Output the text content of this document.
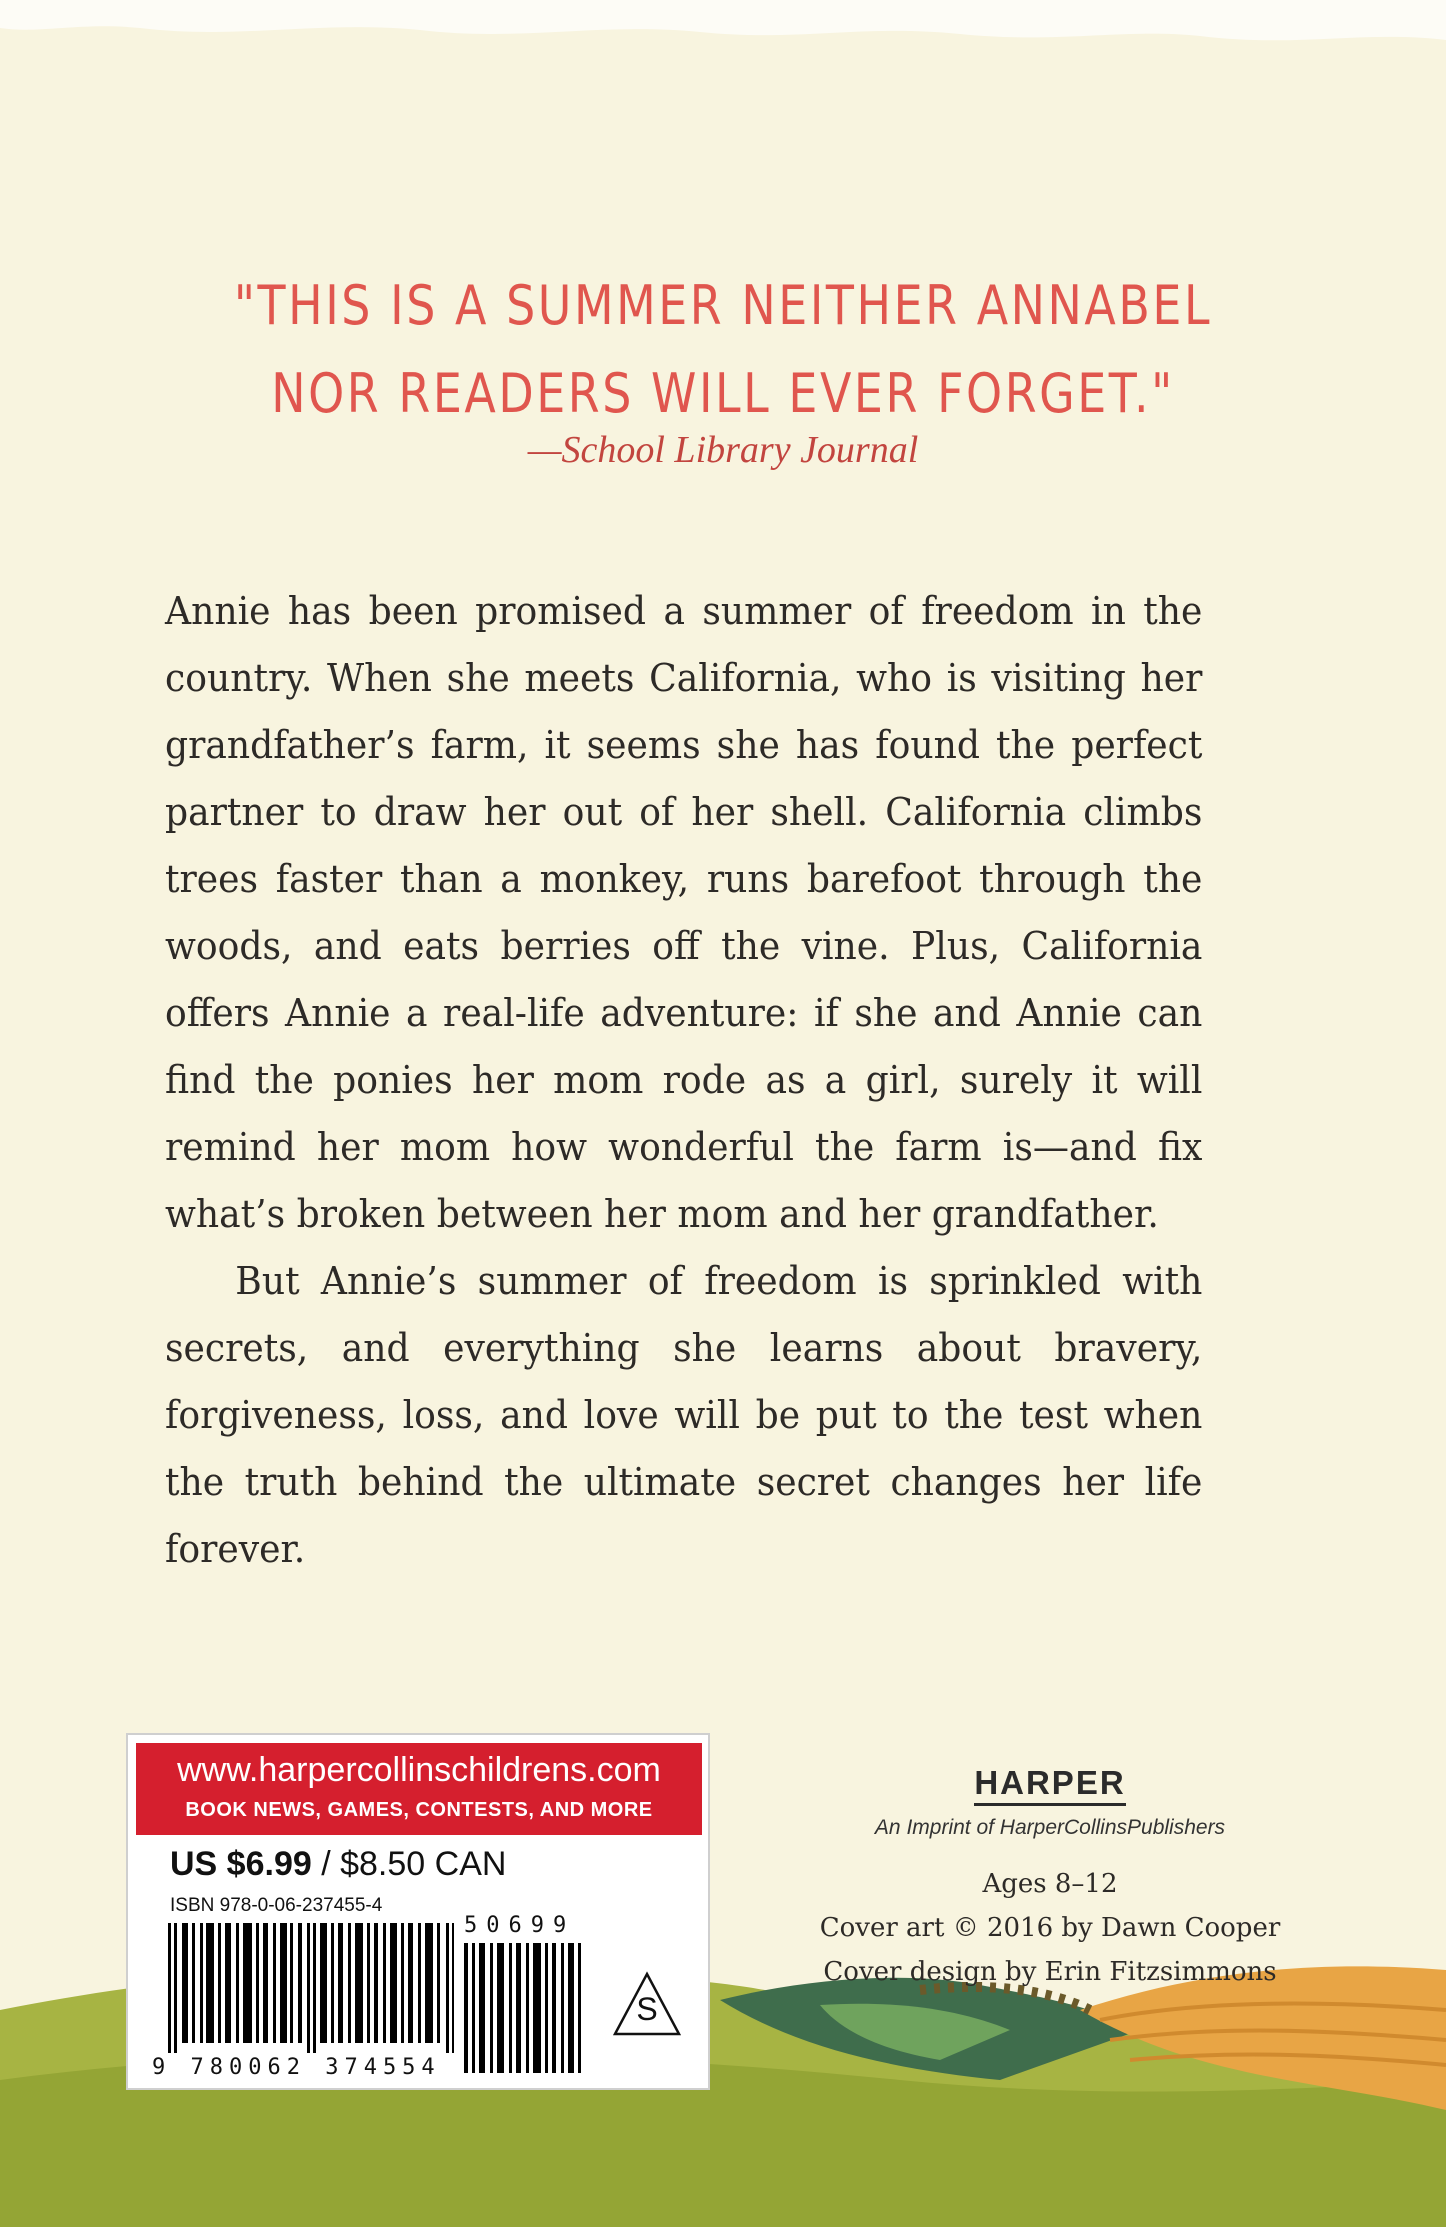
"THIS IS A SUMMER NEITHER ANNABEL
NOR READERS WILL EVER FORGET."
—School Library Journal

Annie has been promised a summer of freedom in the country. When she meets California, who is visiting her grandfather’s farm, it seems she has found the perfect partner to draw her out of her shell. California climbs trees faster than a monkey, runs barefoot through the woods, and eats berries off the vine. Plus, California offers Annie a real-life adventure: if she and Annie can find the ponies her mom rode as a girl, surely it will remind her mom how wonderful the farm is—and fix what’s broken between her mom and her grandfather.

But Annie’s summer of freedom is sprinkled with secrets, and everything she learns about bravery, forgiveness, loss, and love will be put to the test when the truth behind the ultimate secret changes her life forever.

www.harpercollinschildrens.com
BOOK NEWS, GAMES, CONTESTS, AND MORE
US $6.99 / $8.50 CAN
ISBN 978-0-06-237455-4
9 780062 374554
50699
S
HARPER
An Imprint of HarperCollinsPublishers
Ages 8–12
Cover art © 2016 by Dawn Cooper
Cover design by Erin Fitzsimmons
